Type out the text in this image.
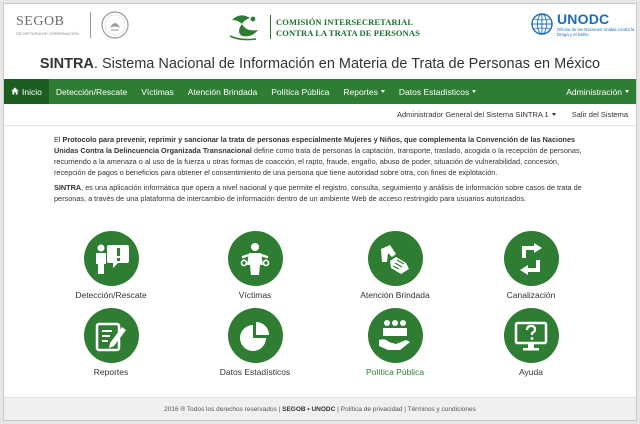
SEGOB
SECRETARÍA DE GOBERNACIÓN
COMISIÓN INTERSECRETARIAL
CONTRA LA TRATA DE PERSONAS
UNODC
Oficina de las Naciones Unidas contra la Droga y el Delito
SINTRA. Sistema Nacional de Información en Materia de Trata de Personas en México
Inicio Detección/Rescate Víctimas Atención Brindada Política Pública Reportes Datos Estadísticos	Administración
Administrador General del Sistema SINTRA 1	Salir del Sistema

El Protocolo para prevenir, reprimir y sancionar la trata de personas especialmente Mujeres y Niños, que complementa la Convención de las Naciones Unidas Contra la Delincuencia Organizada Transnacional define como trata de personas la captación, transporte, traslado, acogida o la recepción de personas, recurriendo a la amenaza o al uso de la fuerza u otras formas de coacción, el rapto, fraude, engaño, abuso de poder, situación de vulnerabilidad, concesión, recepción de pagos o beneficios para obtener el consentimiento de una persona que tiene autoridad sobre otra, con fines de explotación.

SINTRA, es una aplicación informática que opera a nivel nacional y que permite el registro, consulta, seguimiento y análisis de información sobre casos de trata de personas, a través de una plataforma de intercambio de información dentro de un ambiente Web de acceso restringido para usuarios autorizados.

Detección/Rescate	Víctimas	Atención Brindada	Canalización
Reportes	Datos Estadísticos	Política Pública	Ayuda
2016 ® Todos los derechos reservados | SEGOB • UNODC | Política de privacidad | Términos y condiciones
